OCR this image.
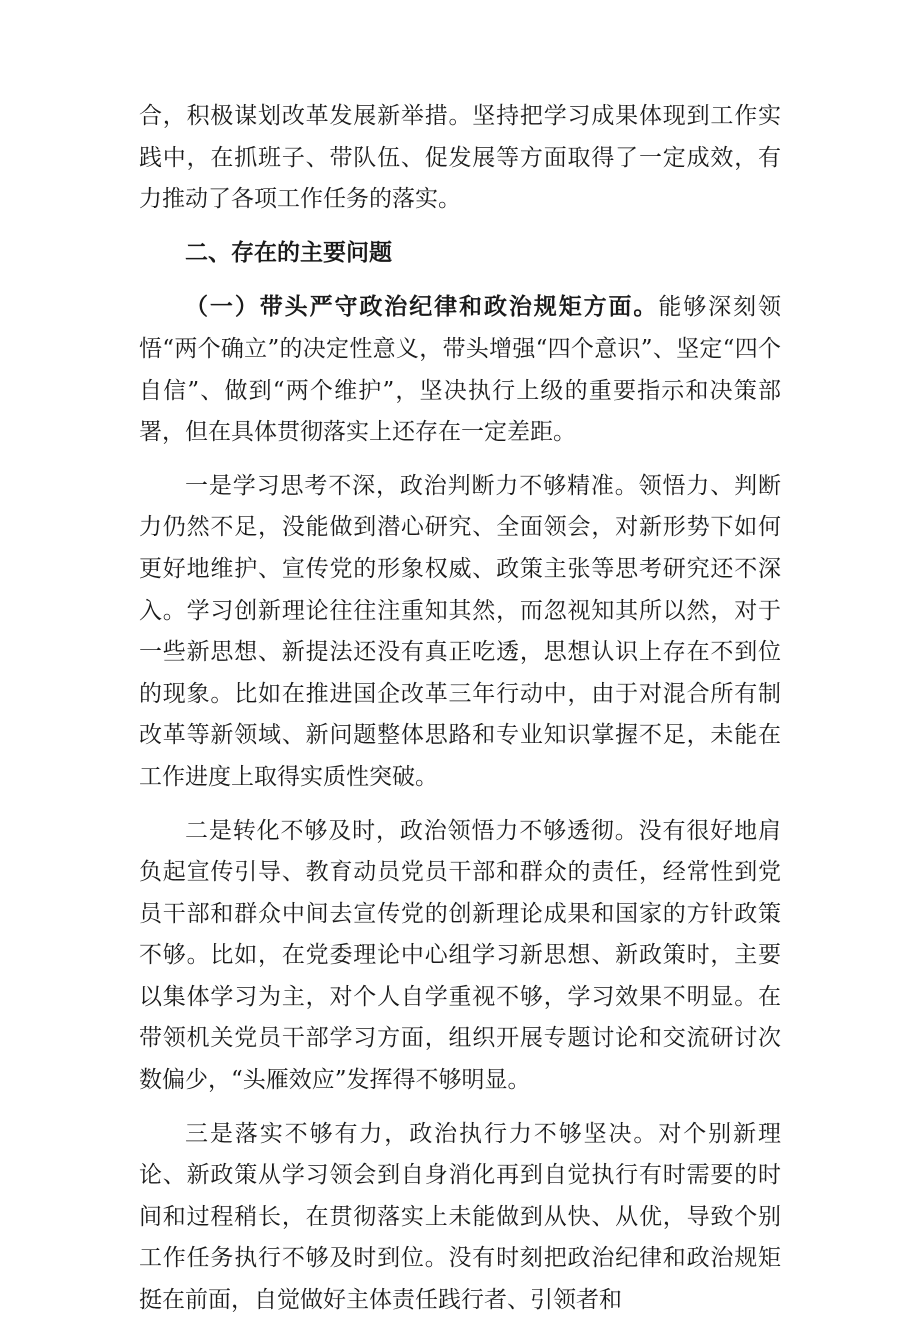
合，积极谋划改革发展新举措。坚持把学习成果体现到工作实践中，在抓班子、带队伍、促发展等方面取得了一定成效，有力推动了各项工作任务的落实。

二、存在的主要问题

（一）带头严守政治纪律和政治规矩方面。能够深刻领悟“两个确立”的决定性意义，带头增强“四个意识”、坚定“四个自信”、做到“两个维护”，坚决执行上级的重要指示和决策部署，但在具体贯彻落实上还存在一定差距。

一是学习思考不深，政治判断力不够精准。领悟力、判断力仍然不足，没能做到潜心研究、全面领会，对新形势下如何更好地维护、宣传党的形象权威、政策主张等思考研究还不深入。学习创新理论往往注重知其然，而忽视知其所以然，对于一些新思想、新提法还没有真正吃透，思想认识上存在不到位的现象。比如在推进国企改革三年行动中，由于对混合所有制改革等新领域、新问题整体思路和专业知识掌握不足，未能在工作进度上取得实质性突破。

二是转化不够及时，政治领悟力不够透彻。没有很好地肩负起宣传引导、教育动员党员干部和群众的责任，经常性到党员干部和群众中间去宣传党的创新理论成果和国家的方针政策不够。比如，在党委理论中心组学习新思想、新政策时，主要以集体学习为主，对个人自学重视不够，学习效果不明显。在带领机关党员干部学习方面，组织开展专题讨论和交流研讨次数偏少，“头雁效应”发挥得不够明显。

三是落实不够有力，政治执行力不够坚决。对个别新理论、新政策从学习领会到自身消化再到自觉执行有时需要的时间和过程稍长，在贯彻落实上未能做到从快、从优，导致个别工作任务执行不够及时到位。没有时刻把政治纪律和政治规矩挺在前面，自觉做好主体责任践行者、引领者和
